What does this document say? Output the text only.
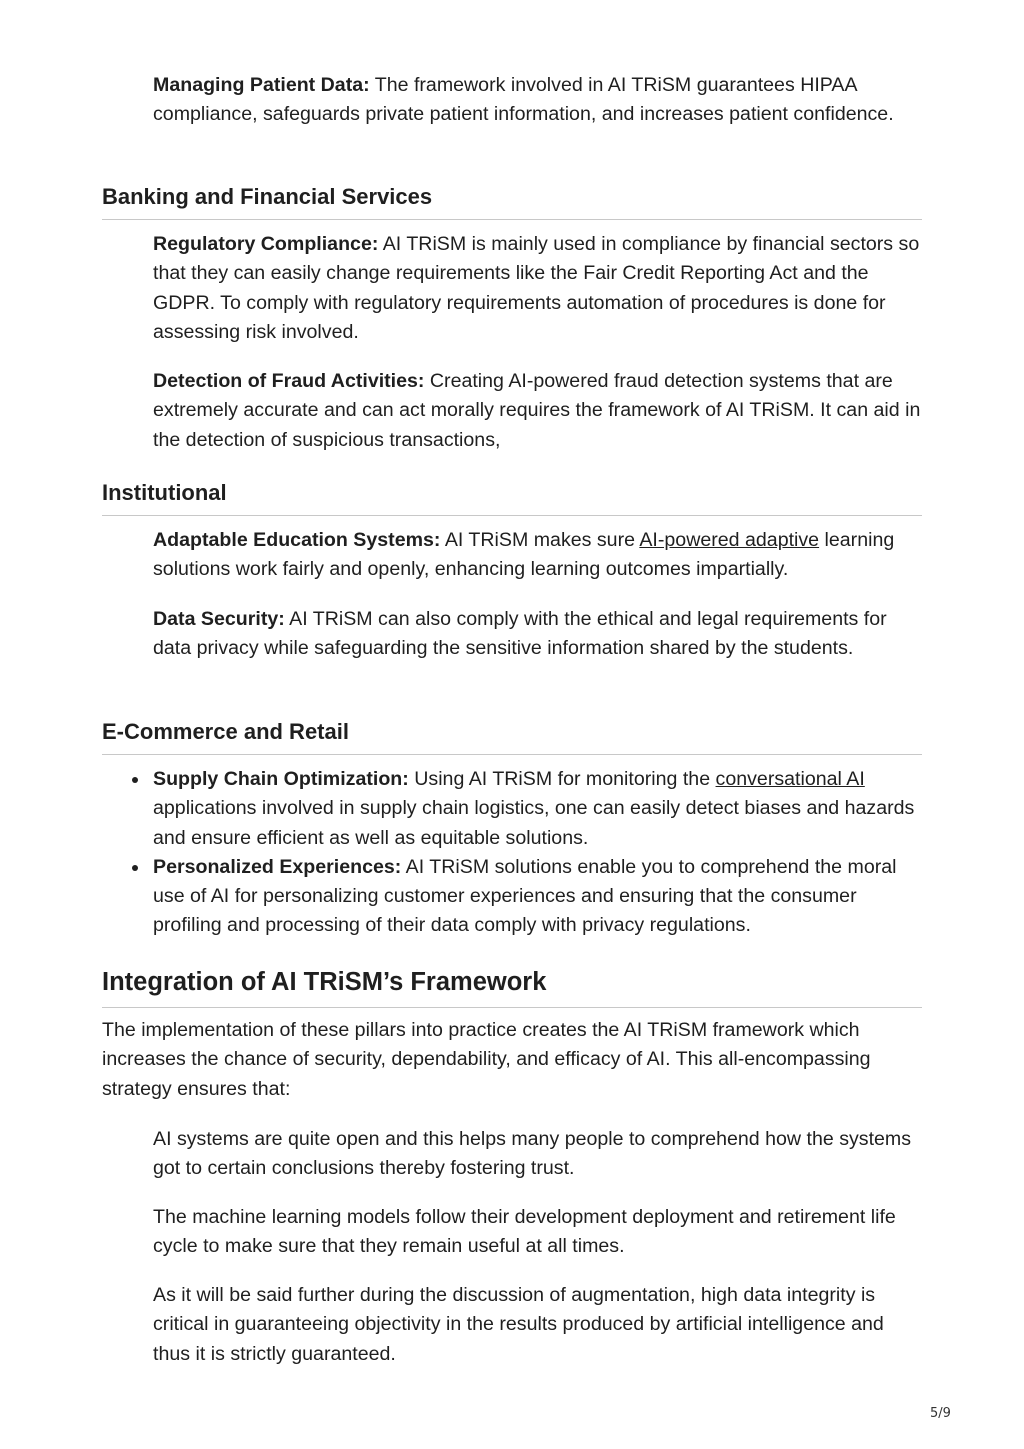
Managing Patient Data: The framework involved in AI TRiSM guarantees HIPAA compliance, safeguards private patient information, and increases patient confidence.

Banking and Financial Services

Regulatory Compliance: AI TRiSM is mainly used in compliance by financial sectors so that they can easily change requirements like the Fair Credit Reporting Act and the GDPR. To comply with regulatory requirements automation of procedures is done for assessing risk involved.

Detection of Fraud Activities: Creating AI-powered fraud detection systems that are extremely accurate and can act morally requires the framework of AI TRiSM. It can aid in the detection of suspicious transactions,

Institutional

Adaptable Education Systems: AI TRiSM makes sure AI-powered adaptive learning solutions work fairly and openly, enhancing learning outcomes impartially.

Data Security: AI TRiSM can also comply with the ethical and legal requirements for data privacy while safeguarding the sensitive information shared by the students.

E-Commerce and Retail
Supply Chain Optimization: Using AI TRiSM for monitoring the conversational AI applications involved in supply chain logistics, one can easily detect biases and hazards and ensure efficient as well as equitable solutions.
Personalized Experiences: AI TRiSM solutions enable you to comprehend the moral use of AI for personalizing customer experiences and ensuring that the consumer profiling and processing of their data comply with privacy regulations.
Integration of AI TRiSM’s Framework

The implementation of these pillars into practice creates the AI TRiSM framework which increases the chance of security, dependability, and efficacy of AI. This all-encompassing strategy ensures that:

AI systems are quite open and this helps many people to comprehend how the systems got to certain conclusions thereby fostering trust.

The machine learning models follow their development deployment and retirement life cycle to make sure that they remain useful at all times.

As it will be said further during the discussion of augmentation, high data integrity is critical in guaranteeing objectivity in the results produced by artificial intelligence and thus it is strictly guaranteed.

5/9
